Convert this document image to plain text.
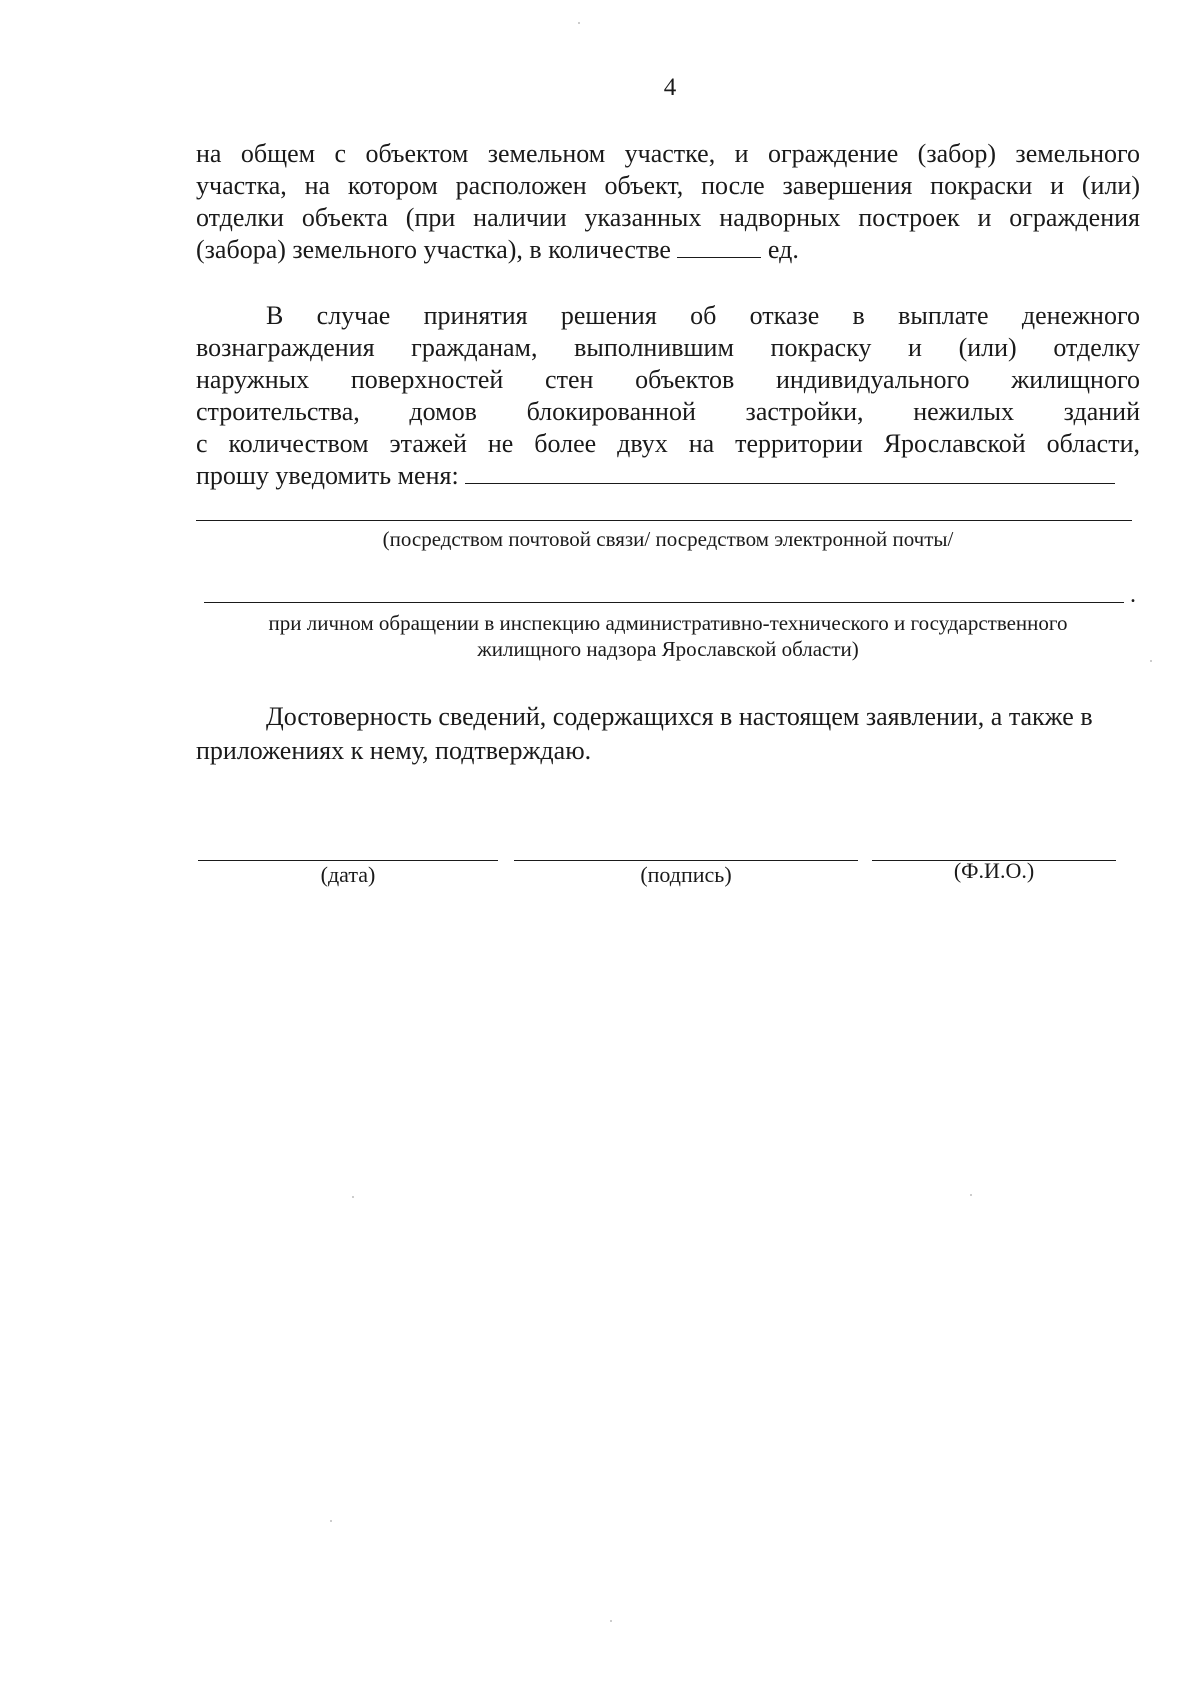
4
на общем с объектом земельном участке, и ограждение (забор) земельного
участка, на котором расположен объект, после завершения покраски и (или)
отделки объекта (при наличии указанных надворных построек и ограждения
(забора) земельного участка), в количестве	ед.
В случае принятия решения об отказе в выплате денежного
вознаграждения гражданам, выполнившим покраску и (или) отделку
наружных поверхностей стен объектов индивидуального жилищного
строительства, домов блокированной застройки, нежилых зданий
с количеством этажей не более двух на территории Ярославской области,
прошу уведомить меня:
(посредством почтовой связи/ посредством электронной почты/
.
при личном обращении в инспекцию административно-технического и государственного
жилищного надзора Ярославской области)
Достоверность сведений, содержащихся в настоящем заявлении, а также в приложениях к нему, подтверждаю.
(дата)	(подпись)	(Ф.И.О.)
